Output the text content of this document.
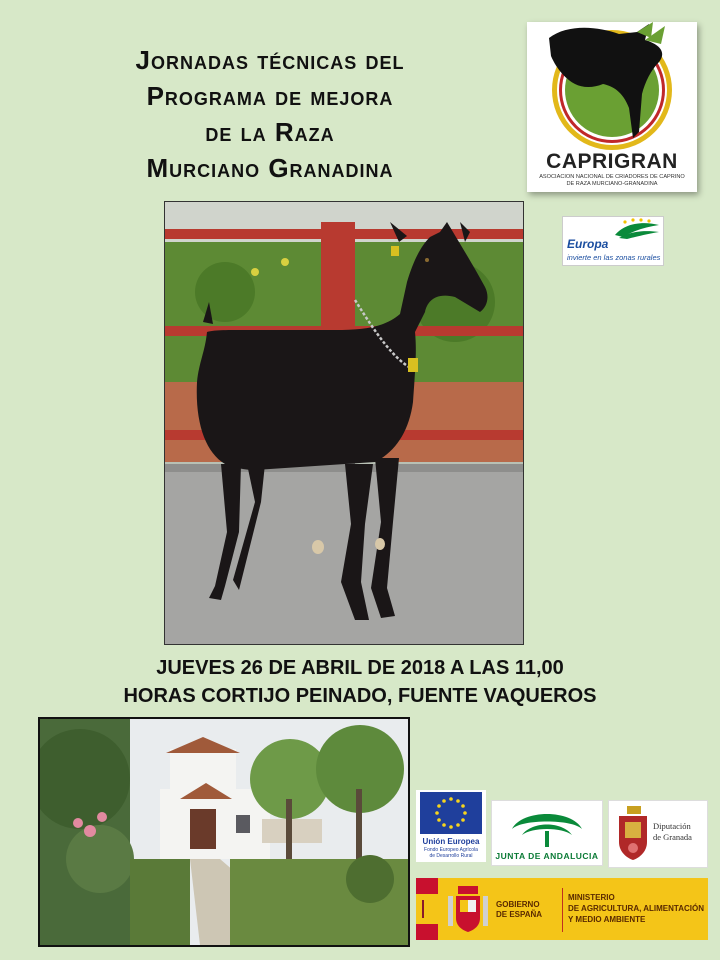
Jornadas técnicas del
Programa de mejora
de la Raza
Murciano Granadina	CAPRIGRAN
ASOCIACION NACIONAL DE CRIADORES DE CAPRINO
DE RAZA MURCIANO-GRANADINA
Europa
invierte en las zonas rurales
JUEVES 26 DE ABRIL DE 2018 A LAS 11,00
HORAS CORTIJO PEINADO, FUENTE VAQUEROS
Unión Europea
Fondo Europeo Agrícola
de Desarrollo Rural	JUNTA DE ANDALUCIA
Diputación
de Granada
GOBIERNO
DE ESPAÑA
MINISTERIO
DE AGRICULTURA, ALIMENTACIÓN
Y MEDIO AMBIENTE
